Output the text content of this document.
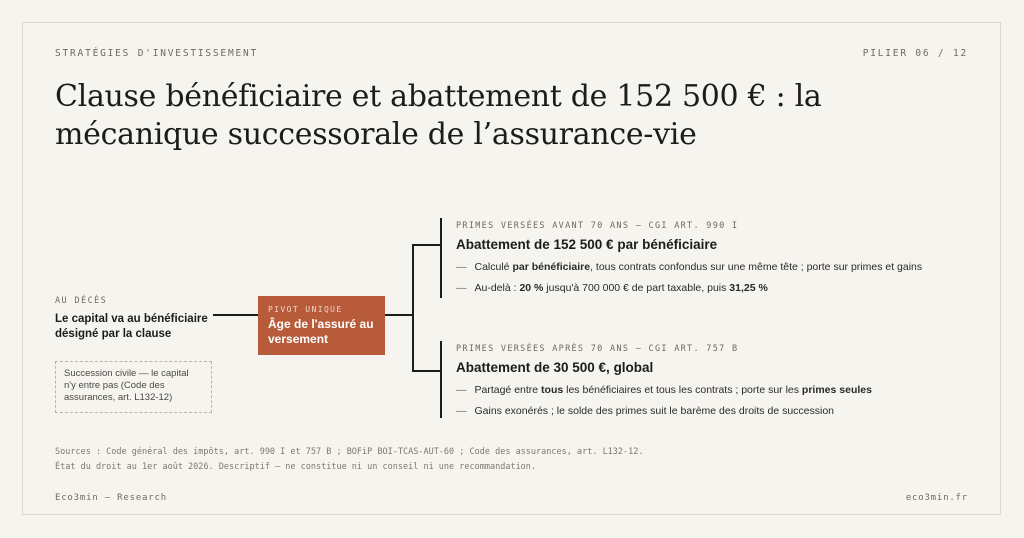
STRATÉGIES D'INVESTISSEMENT	PILIER 06 / 12
Clause bénéficiaire et abattement de 152 500 € : la mécanique successorale de l’assurance-vie
AU DÉCÈS
Le capital va au bénéficiaire désigné par la clause
Succession civile — le capital n'y entre pas (Code des assurances, art. L132-12)
PIVOT UNIQUE
Âge de l'assuré au versement
PRIMES VERSÉES AVANT 70 ANS — CGI ART. 990 I
Abattement de 152 500 € par bénéficiaire
— Calculé par bénéficiaire, tous contrats confondus sur une même tête ; porte sur primes et gains
— Au-delà : 20 % jusqu'à 700 000 € de part taxable, puis 31,25 %
PRIMES VERSÉES APRÈS 70 ANS — CGI ART. 757 B
Abattement de 30 500 €, global
— Partagé entre tous les bénéficiaires et tous les contrats ; porte sur les primes seules
— Gains exonérés ; le solde des primes suit le barème des droits de succession
Sources : Code général des impôts, art. 990 I et 757 B ; BOFiP BOI-TCAS-AUT-60 ; Code des assurances, art. L132-12.
État du droit au 1er août 2026. Descriptif — ne constitue ni un conseil ni une recommandation.
Eco3min — Research	eco3min.fr
